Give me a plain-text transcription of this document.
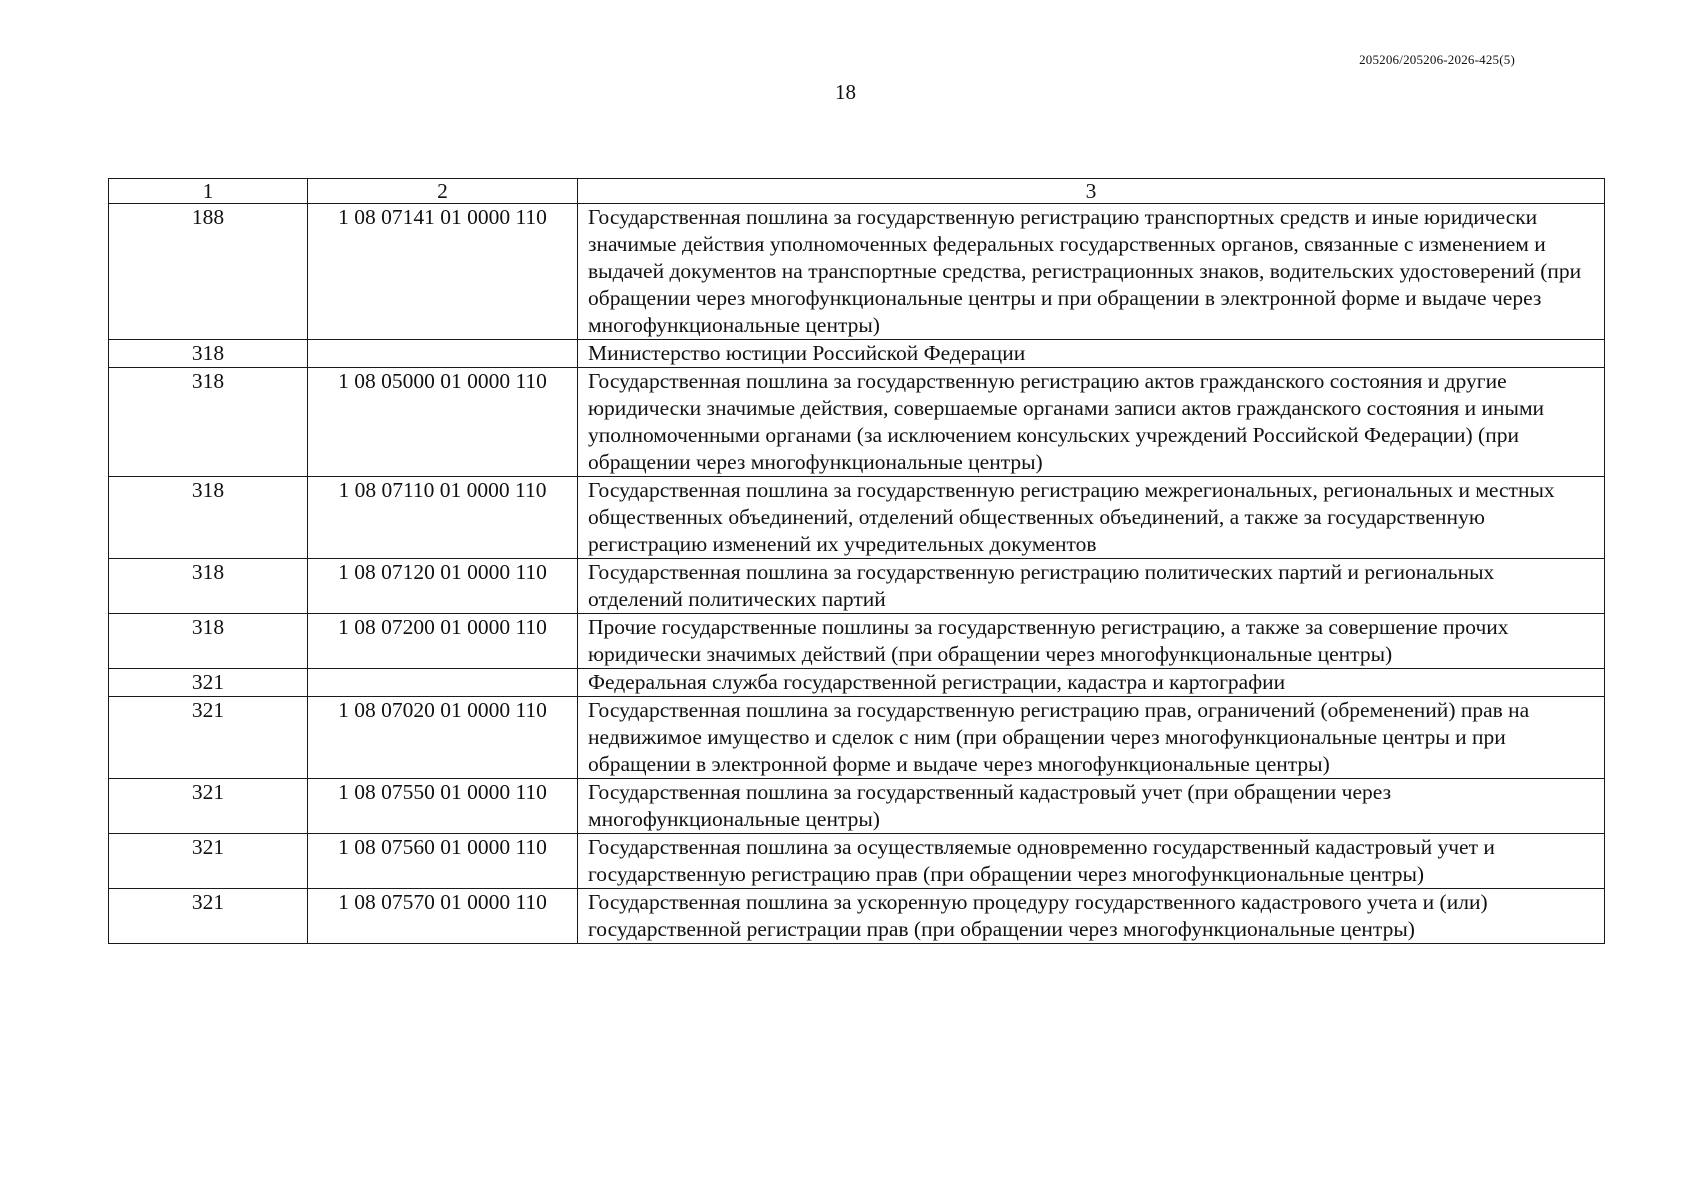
205206/205206-2026-425(5)
18
1	2	3
188	1 08 07141 01 0000 110	Государственная пошлина за государственную регистрацию транспортных средств и иные юридически значимые действия уполномоченных федеральных государственных органов, связанные с изменением и выдачей документов на транспортные средства, регистрационных знаков, водительских удостоверений (при обращении через многофункциональные центры и при обращении в электронной форме и выдаче через многофункциональные центры)
318		Министерство юстиции Российской Федерации
318	1 08 05000 01 0000 110	Государственная пошлина за государственную регистрацию актов гражданского состояния и другие юридически значимые действия, совершаемые органами записи актов гражданского состояния и иными уполномоченными органами (за исключением консульских учреждений Российской Федерации) (при обращении через многофункциональные центры)
318	1 08 07110 01 0000 110	Государственная пошлина за государственную регистрацию межрегиональных, региональных и местных общественных объединений, отделений общественных объединений, а также за государственную регистрацию изменений их учредительных документов
318	1 08 07120 01 0000 110	Государственная пошлина за государственную регистрацию политических партий и региональных отделений политических партий
318	1 08 07200 01 0000 110	Прочие государственные пошлины за государственную регистрацию, а также за совершение прочих юридически значимых действий (при обращении через многофункциональные центры)
321		Федеральная служба государственной регистрации, кадастра и картографии
321	1 08 07020 01 0000 110	Государственная пошлина за государственную регистрацию прав, ограничений (обременений) прав на недвижимое имущество и сделок с ним (при обращении через многофункциональные центры и при обращении в электронной форме и выдаче через многофункциональные центры)
321	1 08 07550 01 0000 110	Государственная пошлина за государственный кадастровый учет (при обращении через многофункциональные центры)
321	1 08 07560 01 0000 110	Государственная пошлина за осуществляемые одновременно государственный кадастровый учет и государственную регистрацию прав (при обращении через многофункциональные центры)
321	1 08 07570 01 0000 110	Государственная пошлина за ускоренную процедуру государственного кадастрового учета и (или) государственной регистрации прав (при обращении через многофункциональные центры)
